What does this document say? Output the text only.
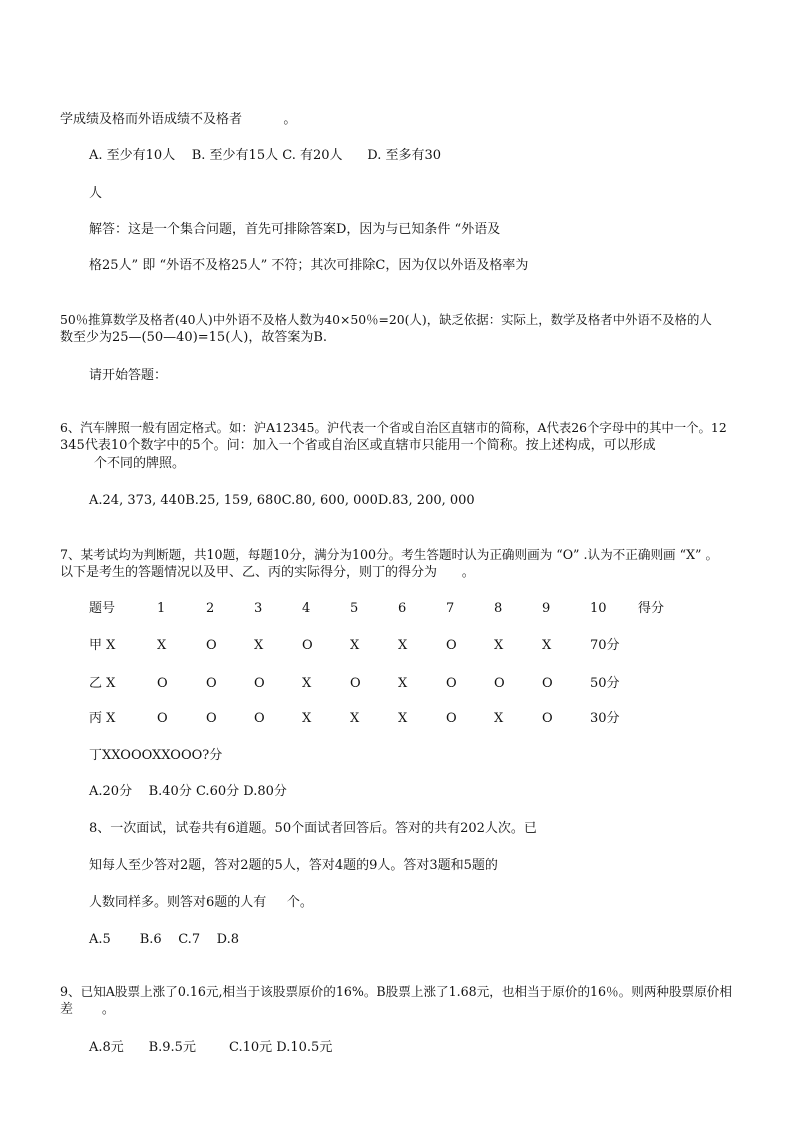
学成绩及格而外语成绩不及格者          。
A. 至少有10人    B. 至少有15人 C. 有20人      D. 至多有30
人
解答：这是一个集合问题，首先可排除答案D，因为与已知条件 “外语及
格25人” 即 “外语不及格25人” 不符；其次可排除C，因为仅以外语及格率为
50％推算数学及格者(40人)中外语不及格人数为40×50％=20(人)，缺乏依据：实际上，数学及格者中外语不及格的人
数至少为25—(50—40)=15(人)，故答案为B.
请开始答题：
6、汽车牌照一般有固定格式。如：沪A12345。沪代表一个省或自治区直辖市的简称，A代表26个字母中的其中一个。12
345代表10个数字中的5个。问：加入一个省或自治区或直辖市只能用一个简称。按上述构成，可以形成
个不同的牌照。
A.24, 373, 440B.25, 159, 680C.80, 600, 000D.83, 200, 000
7、某考试均为判断题，共10题，每题10分，满分为100分。考生答题时认为正确则画为 “O” .认为不正确则画 “X” 。
以下是考生的答题情况以及甲、乙、丙的实际得分，则丁的得分为      。
丁XXOOOXXOOO?分
A.20分    B.40分 C.60分 D.80分
8、一次面试，试卷共有6道题。50个面试者回答后。答对的共有202人次。已
知每人至少答对2题，答对2题的5人，答对4题的9人。答对3题和5题的
人数同样多。则答对6题的人有     个。
A.5       B.6    C.7    D.8
9、已知A股票上涨了0.16元,相当于该股票原价的16%。B股票上涨了1.68元，也相当于原价的16％。则两种股票原价相
差       。
A.8元      B.9.5元        C.10元 D.10.5元
题号	1	2	3	4	5	6	7	8	9	10 得分
甲 X	X	O	X	O	X	X	O	X	X	70分
乙 X	O	O	O	X	O	X	O	O	O	50分
丙 X	O	O	O	X	X	X	O	X	O	30分
